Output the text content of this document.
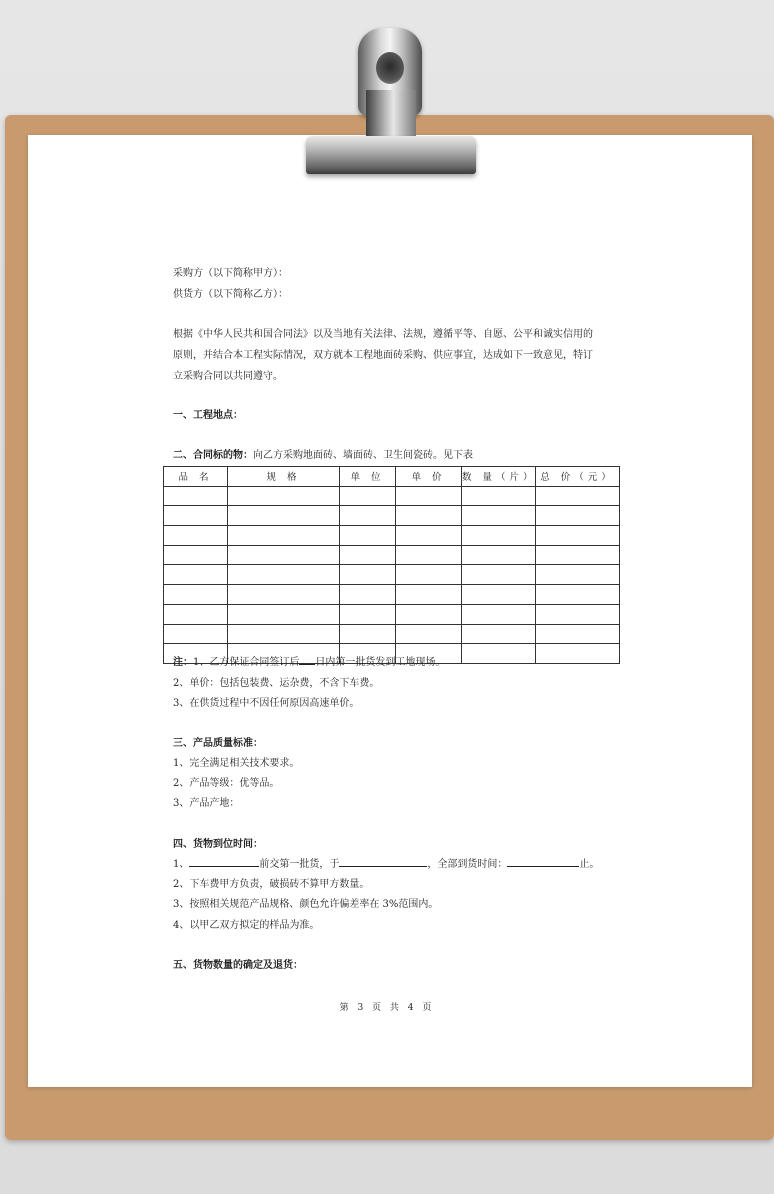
采购方（以下简称甲方）：
供货方（以下简称乙方）：
根据《中华人民共和国合同法》以及当地有关法律、法规，遵循平等、自愿、公平和诚实信用的
原则，并结合本工程实际情况，双方就本工程地面砖采购、供应事宜，达成如下一致意见，特订
立采购合同以共同遵守。
一、工程地点：
二、合同标的物：向乙方采购地面砖、墙面砖、卫生间瓷砖。见下表
品 名	规 格	单 位	单 价	数 量（片）	总 价（元）

注：1、乙方保证合同签订后 日内第一批货发到工地现场。
2、单价：包括包装费、运杂费，不含下车费。
3、在供货过程中不因任何原因高速单价。
三、产品质量标准：
1、完全满足相关技术要求。
2、产品等级：优等品。
3、产品产地：
四、货物到位时间：
1、	前交第一批货，于	，全部到货时间：	止。
2、下车费甲方负责，破损砖不算甲方数量。
3、按照相关规范产品规格、颜色允许偏差率在 3%范围内。
4、以甲乙双方拟定的样品为准。
五、货物数量的确定及退货：
第 3 页 共 4 页
